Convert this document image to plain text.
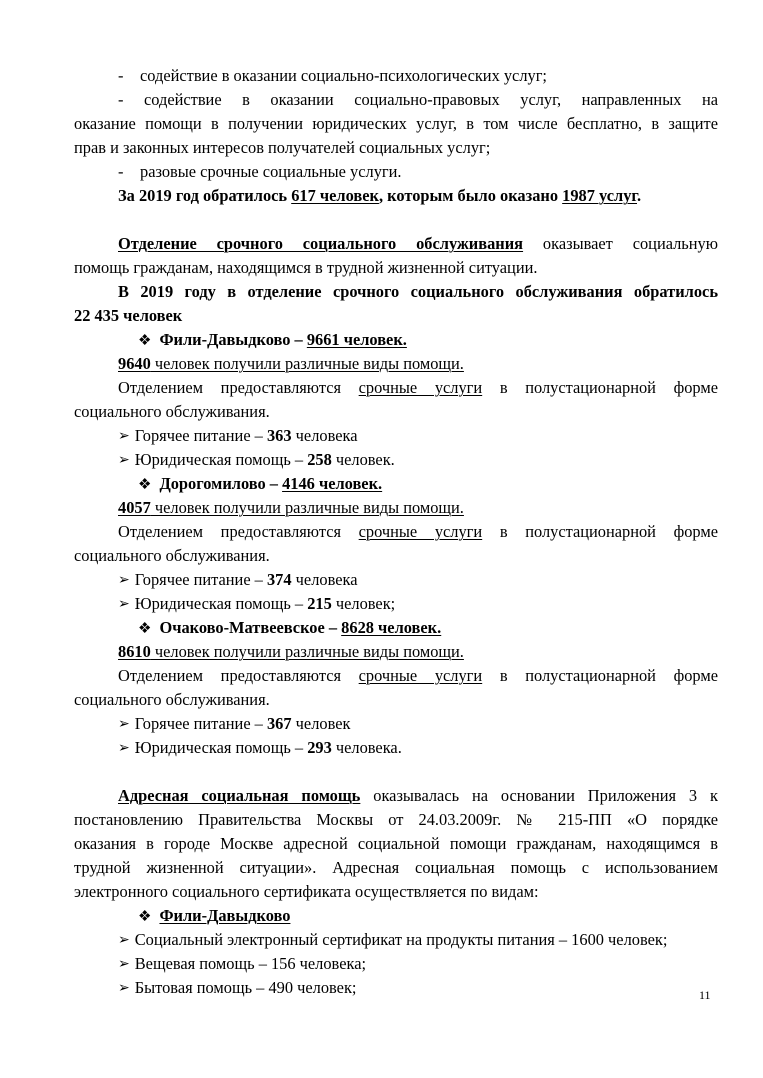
- содействие в оказании социально-психологических услуг;
- содействие в оказании социально-правовых услуг, направленных на
оказание помощи в получении юридических услуг, в том числе бесплатно, в защите
прав и законных интересов получателей социальных услуг;
- разовые срочные социальные услуги.
За 2019 год обратилось 617 человек, которым было оказано 1987 услуг.
Отделение срочного социального обслуживания оказывает социальную
помощь гражданам, находящимся в трудной жизненной ситуации.
В 2019 году в отделение срочного социального обслуживания обратилось
22 435 человек
❖ Фили-Давыдково – 9661 человек.
9640 человек получили различные виды помощи.
Отделением предоставляются срочные услуги в полустационарной форме
социального обслуживания.
➢ Горячее питание – 363 человека
➢ Юридическая помощь – 258 человек.
❖ Дорогомилово – 4146 человек.
4057 человек получили различные виды помощи.
Отделением предоставляются срочные услуги в полустационарной форме
социального обслуживания.
➢ Горячее питание – 374 человека
➢ Юридическая помощь – 215 человек;
❖ Очаково-Матвеевское – 8628 человек.
8610 человек получили различные виды помощи.
Отделением предоставляются срочные услуги в полустационарной форме
социального обслуживания.
➢ Горячее питание – 367 человек
➢ Юридическая помощь – 293 человека.
Адресная социальная помощь оказывалась на основании Приложения 3 к
постановлению Правительства Москвы от 24.03.2009г. № 215-ПП «О порядке
оказания в городе Москве адресной социальной помощи гражданам, находящимся в
трудной жизненной ситуации». Адресная социальная помощь с использованием
электронного социального сертификата осуществляется по видам:
❖ Фили-Давыдково
➢ Социальный электронный сертификат на продукты питания – 1600 человек;
➢ Вещевая помощь – 156 человека;
➢ Бытовая помощь – 490 человек;	11
